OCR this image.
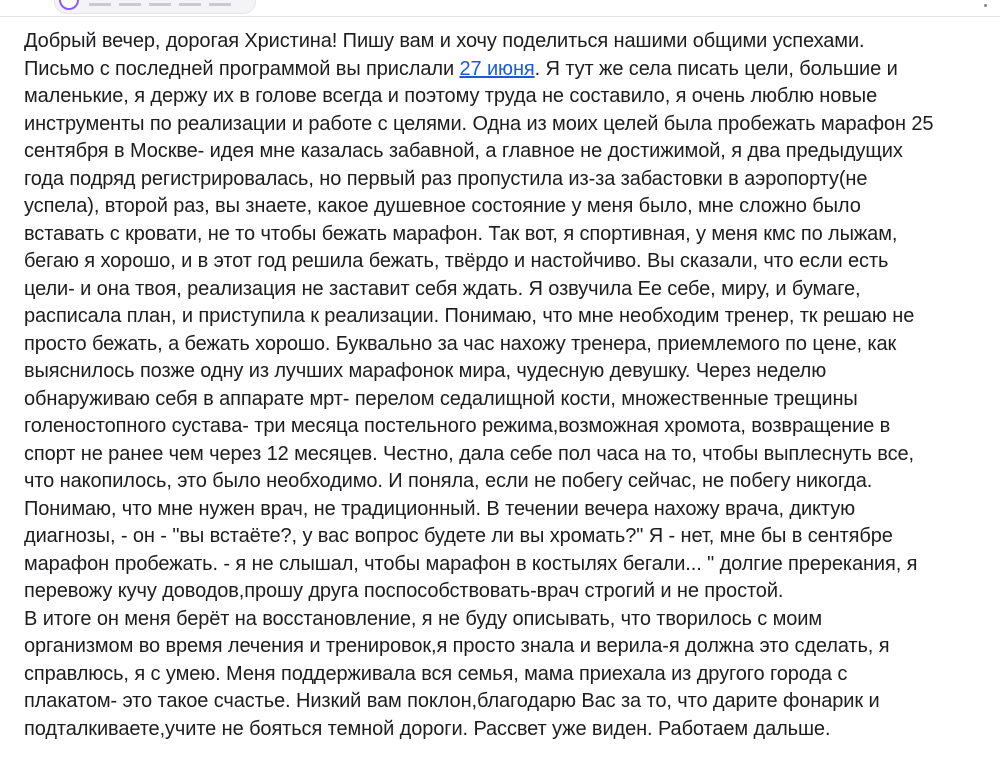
Добрый вечер, дорогая Христина! Пишу вам и хочу поделиться нашими общими успехами.
Письмо с последней программой вы прислали 27 июня. Я тут же села писать цели, большие и
маленькие, я держу их в голове всегда и поэтому труда не составило, я очень люблю новые
инструменты по реализации и работе с целями. Одна из моих целей была пробежать марафон 25
сентября в Москве- идея мне казалась забавной, а главное не достижимой, я два предыдущих
года подряд регистрировалась, но первый раз пропустила из-за забастовки в аэропорту(не
успела), второй раз, вы знаете, какое душевное состояние у меня было, мне сложно было
вставать с кровати, не то чтобы бежать марафон. Так вот, я спортивная, у меня кмс по лыжам,
бегаю я хорошо, и в этот год решила бежать, твёрдо и настойчиво. Вы сказали, что если есть
цели- и она твоя, реализация не заставит себя ждать. Я озвучила Ее себе, миру, и бумаге,
расписала план, и приступила к реализации. Понимаю, что мне необходим тренер, тк решаю не
просто бежать, а бежать хорошо. Буквально за час нахожу тренера, приемлемого по цене, как
выяснилось позже одну из лучших марафонок мира, чудесную девушку. Через неделю
обнаруживаю себя в аппарате мрт- перелом седалищной кости, множественные трещины
голеностопного сустава- три месяца постельного режима,возможная хромота, возвращение в
спорт не ранее чем через 12 месяцев. Честно, дала себе пол часа на то, чтобы выплеснуть все,
что накопилось, это было необходимо. И поняла, если не побегу сейчас, не побегу никогда.
Понимаю, что мне нужен врач, не традиционный. В течении вечера нахожу врача, диктую
диагнозы, - он - "вы встаёте?, у вас вопрос будете ли вы хромать?" Я - нет, мне бы в сентябре
марафон пробежать. - я не слышал, чтобы марафон в костылях бегали... " долгие пререкания, я
перевожу кучу доводов,прошу друга поспособствовать-врач строгий и не простой.
В итоге он меня берёт на восстановление, я не буду описывать, что творилось с моим
организмом во время лечения и тренировок,я просто знала и верила-я должна это сделать, я
справлюсь, я с умею. Меня поддерживала вся семья, мама приехала из другого города с
плакатом- это такое счастье. Низкий вам поклон,благодарю Вас за то, что дарите фонарик и
подталкиваете,учите не бояться темной дороги. Рассвет уже виден. Работаем дальше.
